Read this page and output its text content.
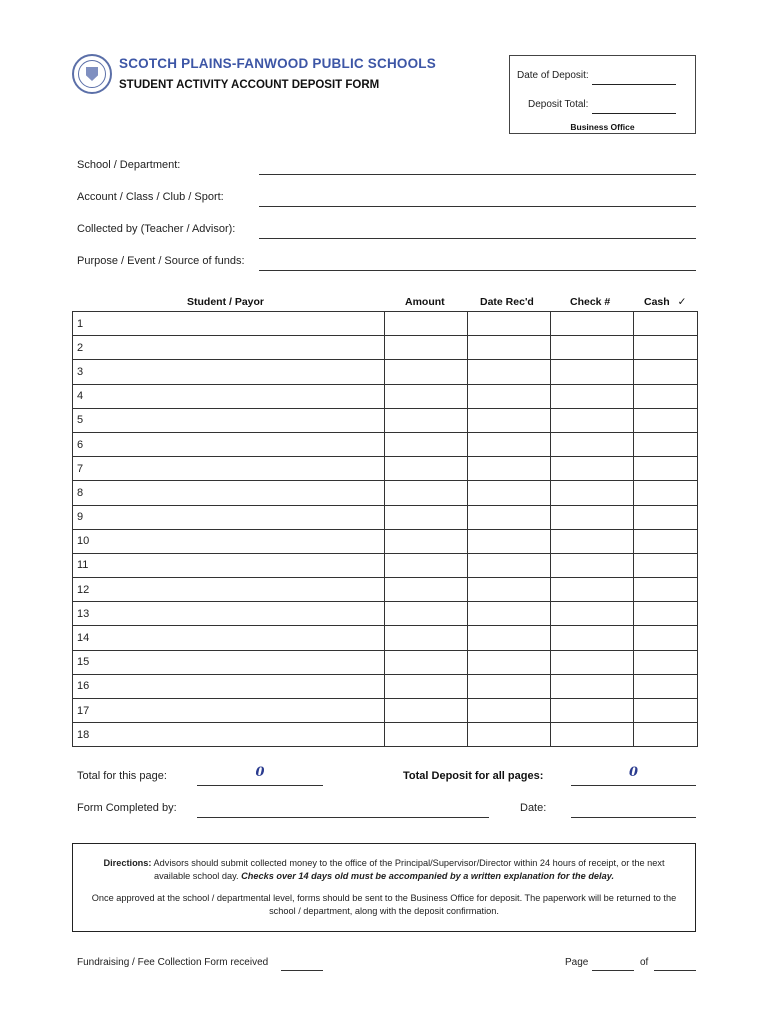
SCOTCH PLAINS-FANWOOD PUBLIC SCHOOLS
STUDENT ACTIVITY ACCOUNT DEPOSIT FORM
Date of Deposit:
Deposit Total:
Business Office
School / Department:
Account / Class / Club / Sport:
Collected by (Teacher / Advisor):
Purpose / Event / Source of funds:
Student / Payor	Amount	Date Rec'd	Check #	Cash ✓
1				
2				
3				
4				
5				
6				
7				
8				
9				
10				
11				
12				
13				
14				
15				
16				
17				
18				
Total for this page:	0	Total Deposit for all pages:	0
Form Completed by:	Date:

Directions: Advisors should submit collected money to the office of the Principal/Supervisor/Director within 24 hours of receipt, or the next available school day. Checks over 14 days old must be accompanied by a written explanation for the delay.

Once approved at the school / departmental level, forms should be sent to the Business Office for deposit. The paperwork will be returned to the school / department, along with the deposit confirmation.

Fundraising / Fee Collection Form received	Page	of
